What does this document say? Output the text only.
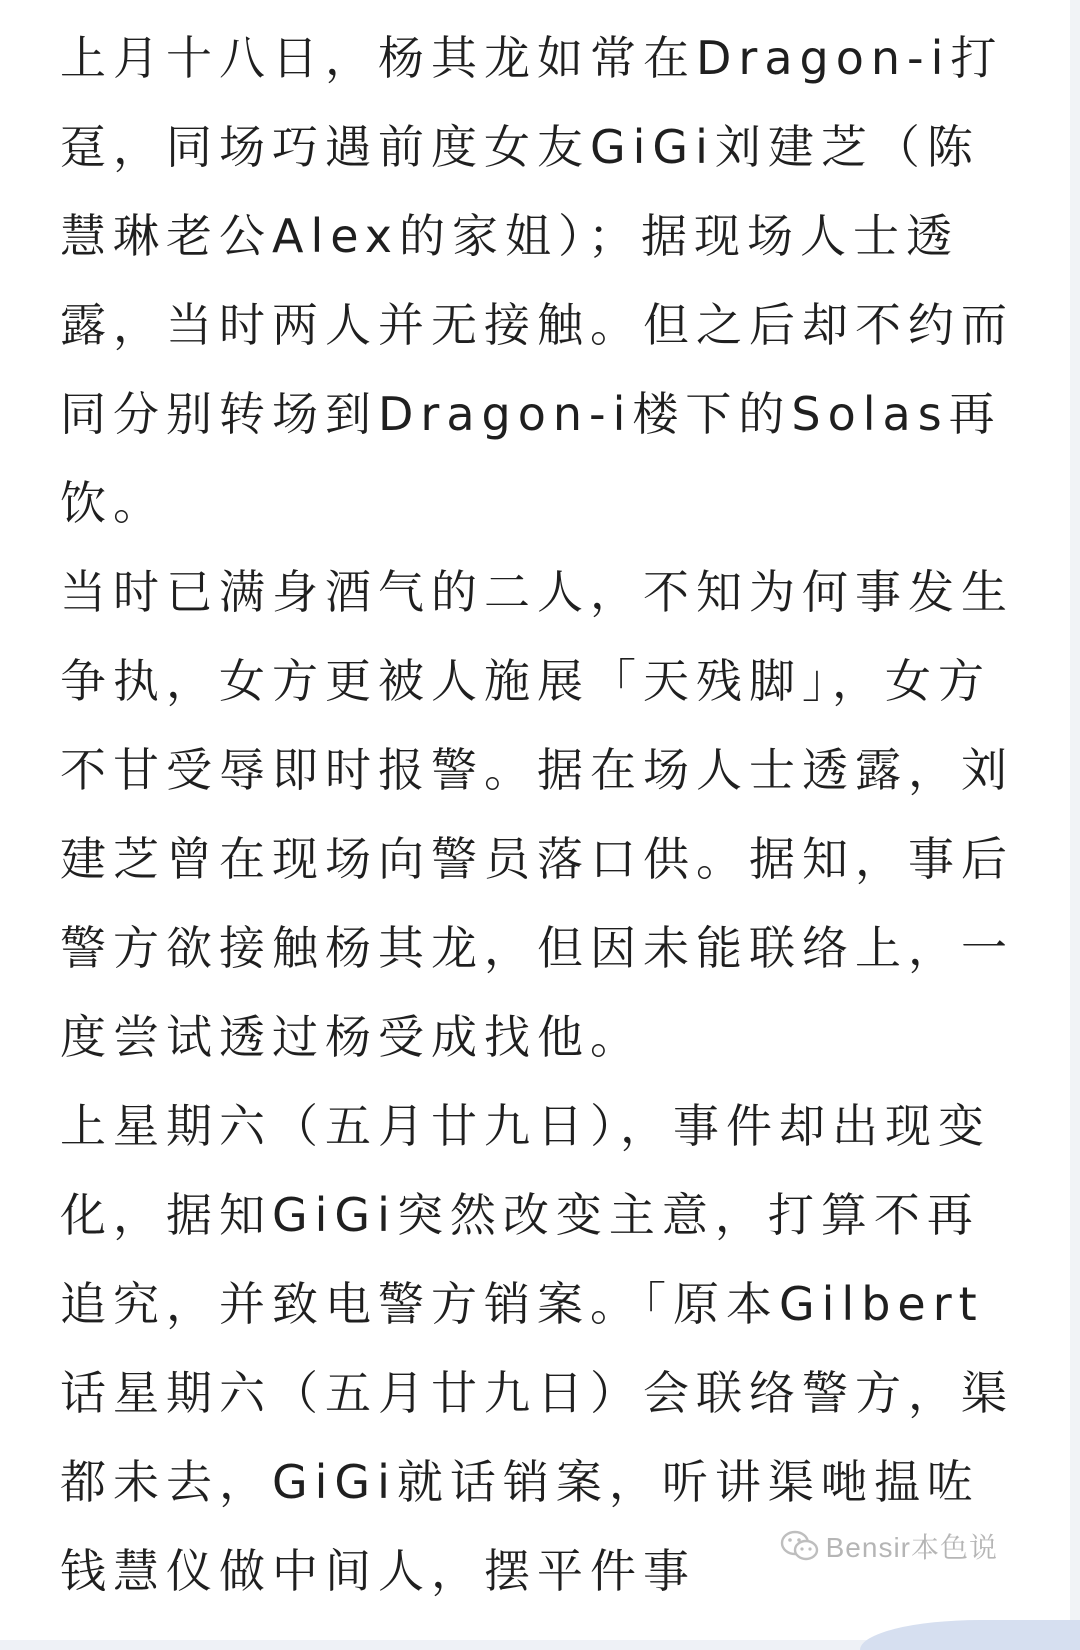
上月十八日，杨其龙如常在Dragon-i打趸，同场巧遇前度女友GiGi刘建芝（陈慧琳老公Alex的家姐）；据现场人士透露，当时两人并无接触。但之后却不约而同分别转场到Dragon-i楼下的Solas再饮。

当时已满身酒气的二人，不知为何事发生争执，女方更被人施展「天残脚」，女方不甘受辱即时报警。据在场人士透露，刘建芝曾在现场向警员落口供。据知，事后警方欲接触杨其龙，但因未能联络上，一度尝试透过杨受成找他。

上星期六（五月廿九日），事件却出现变化，据知GiGi突然改变主意，打算不再追究，并致电警方销案。「原本Gilbert话星期六（五月廿九日）会联络警方，渠都未去，GiGi就话销案，听讲渠哋揾咗钱慧仪做中间人，摆平件事	Bensir本色说
